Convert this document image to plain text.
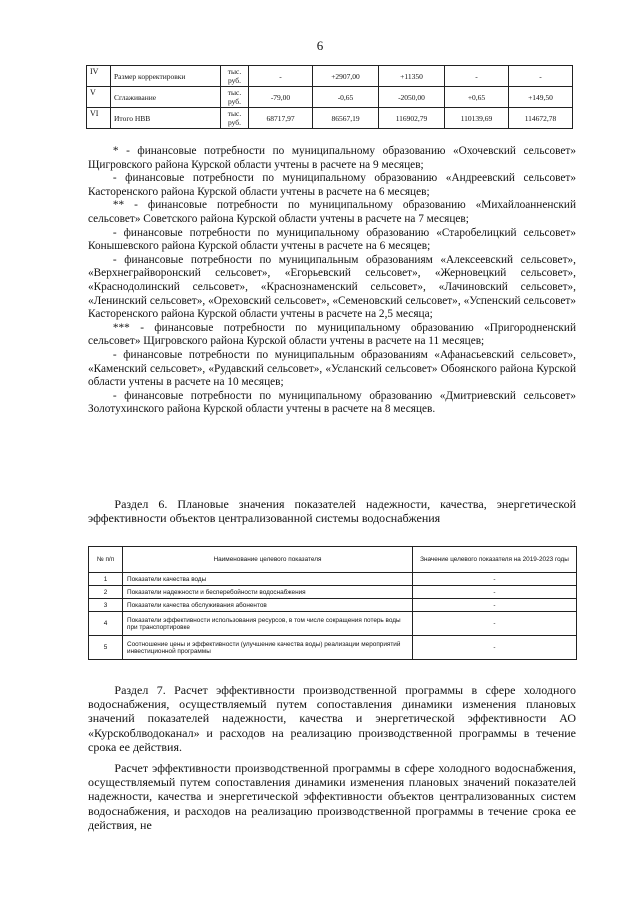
6
IV	Размер корректировки	тыс. руб.	-	+2907,00	+11350	-	-
V	Сглаживание	тыс. руб.	-79,00	-0,65	-2050,00	+0,65	+149,50
VI	Итого НВВ	тыс. руб.	68717,97	86567,19	116902,79	110139,69	114672,78

* - финансовые потребности по муниципальному образованию «Охочевский сельсовет» Щигровского района Курской области учтены в расчете на 9 месяцев;

- финансовые потребности по муниципальному образованию «Андреевский сельсовет» Касторенского района Курской области учтены в расчете на 6 месяцев;

** - финансовые потребности по муниципальному образованию «Михайлоанненский сельсовет» Советского района Курской области учтены в расчете на 7 месяцев;

- финансовые потребности по муниципальному образованию «Старобелицкий сельсовет» Конышевского района Курской области учтены в расчете на 6 месяцев;

- финансовые потребности по муниципальным образованиям «Алексеевский сельсовет», «Верхнеграйворонский сельсовет», «Егорьевский сельсовет», «Жерновецкий сельсовет», «Краснодолинский сельсовет», «Краснознаменский сельсовет», «Лачиновский сельсовет», «Ленинский сельсовет», «Ореховский сельсовет», «Семеновский сельсовет», «Успенский сельсовет» Касторенского района Курской области учтены в расчете на 2,5 месяца;

*** - финансовые потребности по муниципальному образованию «Пригородненский сельсовет» Щигровского района Курской области учтены в расчете на 11 месяцев;

- финансовые потребности по муниципальным образованиям «Афанасьевский сельсовет», «Каменский сельсовет», «Рудавский сельсовет», «Усланский сельсовет» Обоянского района Курской области учтены в расчете на 10 месяцев;

- финансовые потребности по муниципальному образованию «Дмитриевский сельсовет» Золотухинского района Курской области учтены в расчете на 8 месяцев.

Раздел 6. Плановые значения показателей надежности, качества, энергетической эффективности объектов централизованной системы водоснабжения

№ п/п	Наименование целевого показателя	Значение целевого показателя на 2019-2023 годы
1	Показатели качества воды	-
2	Показатели надежности и бесперебойности водоснабжения	-
3	Показатели качества обслуживания абонентов	-
4	Показатели эффективности использования ресурсов, в том числе сокращения потерь воды при транспортировке	-
5	Соотношение цены и эффективности (улучшение качества воды) реализации мероприятий инвестиционной программы	-

Раздел 7. Расчет эффективности производственной программы в сфере холодного водоснабжения, осуществляемый путем сопоставления динамики изменения плановых значений показателей надежности, качества и энергетической эффективности АО «Курскоблводоканал» и расходов на реализацию производственной программы в течение срока ее действия.

Расчет эффективности производственной программы в сфере холодного водоснабжения, осуществляемый путем сопоставления динамики изменения плановых значений показателей надежности, качества и энергетической эффективности объектов централизованных систем водоснабжения, и расходов на реализацию производственной программы в течение срока ее действия, не
